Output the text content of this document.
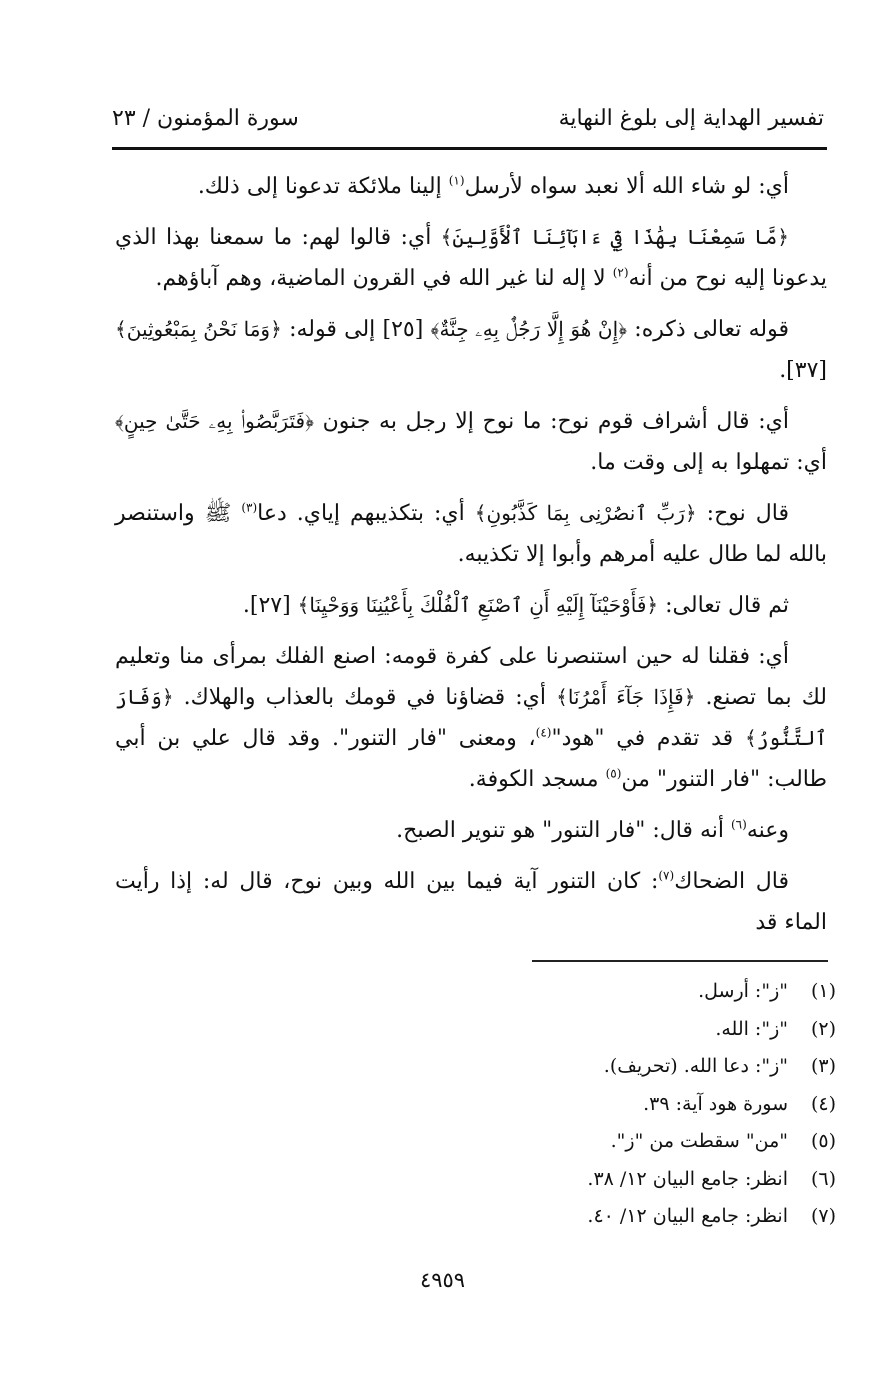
تفسير الهداية إلى بلوغ النهاية
سورة المؤمنون / ٢٣

أي: لو شاء الله ألا نعبد سواه لأرسل$^{(١)}$ إلينا ملائكة تدعونا إلى ذلك.

﴿مَّا سَمِعْنَا بِهَٰذَا فِيٓ ءَابَآئِنَا ٱلْأَوَّلِينَ﴾ أي: قالوا لهم: ما سمعنا بهذا الذي يدعونا إليه نوح من أنه$^{(٢)}$ لا إله لنا غير الله في القرون الماضية، وهم آباؤهم.

قوله تعالى ذكره: ﴿إِنْ هُوَ إِلَّا رَجُلٌۢ بِهِۦ جِنَّةٌ﴾ [٢٥] إلى قوله: ﴿وَمَا نَحْنُ بِمَبْعُوثِينَ﴾ [٣٧].

أي: قال أشراف قوم نوح: ما نوح إلا رجل به جنون ﴿فَتَرَبَّصُوا۟ بِهِۦ حَتَّىٰ حِينٍ﴾ أي: تمهلوا به إلى وقت ما.

قال نوح: ﴿رَبِّ ٱنصُرْنِى بِمَا كَذَّبُونِ﴾ أي: بتكذيبهم إياي. دعا$^{(٣)}$ ﷺ واستنصر بالله لما طال عليه أمرهم وأبوا إلا تكذيبه.

ثم قال تعالى: ﴿فَأَوْحَيْنَآ إِلَيْهِ أَنِ ٱصْنَعِ ٱلْفُلْكَ بِأَعْيُنِنَا وَوَحْيِنَا﴾ [٢٧].

أي: فقلنا له حين استنصرنا على كفرة قومه: اصنع الفلك بمرأى منا وتعليم لك بما تصنع. ﴿فَإِذَا جَآءَ أَمْرُنَا﴾ أي: قضاؤنا في قومك بالعذاب والهلاك. ﴿وَفَارَ ٱلتَّنُّورُ﴾ قد تقدم في "هود"$^{(٤)}$، ومعنى "فار التنور". وقد قال علي بن أبي طالب: "فار التنور" من$^{(٥)}$ مسجد الكوفة.

وعنه$^{(٦)}$ أنه قال: "فار التنور" هو تنوير الصبح.

قال الضحاك$^{(٧)}$: كان التنور آية فيما بين الله وبين نوح، قال له: إذا رأيت الماء قد

(١)"ز": أرسل.
(٢)"ز": الله.
(٣)"ز": دعا الله. (تحريف).
(٤)سورة هود آية: ٣٩.
(٥)"من" سقطت من "ز".
(٦)انظر: جامع البيان ١٢/ ٣٨.
(٧)انظر: جامع البيان ١٢/ ٤٠.
٤٩٥٩
